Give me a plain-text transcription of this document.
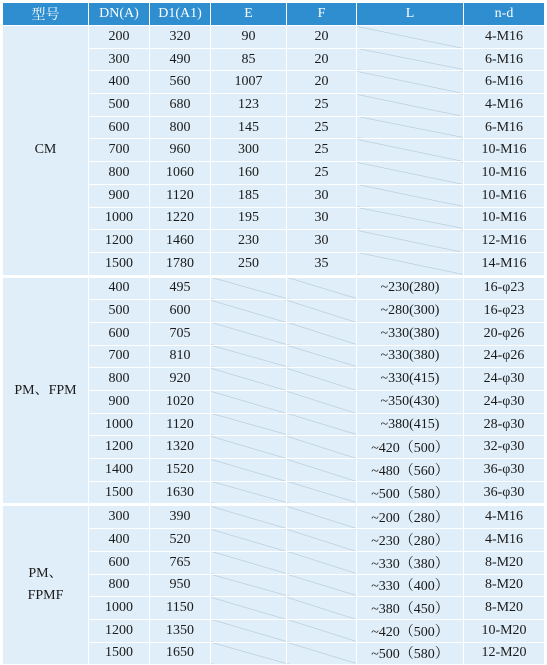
型号	DN(A)	D1(A1)	E	F	L	n-d
CM	200	320	90	20		4-M16
	300	490	85	20		6-M16
	400	560	1007	20		6-M16
	500	680	123	25		4-M16
	600	800	145	25		6-M16
	700	960	300	25		10-M16
	800	1060	160	25		10-M16
	900	1120	185	30		10-M16
	1000	1220	195	30		10-M16
	1200	1460	230	30		12-M16
	1500	1780	250	35		14-M16
PM、FPM	400	495			~230(280)	16-φ23
	500	600			~280(300)	16-φ23
	600	705			~330(380)	20-φ26
	700	810			~330(380)	24-φ26
	800	920			~330(415)	24-φ30
	900	1020			~350(430)	24-φ30
	1000	1120			~380(415)	28-φ30
	1200	1320			~420（500）	32-φ30
	1400	1520			~480（560）	36-φ30
	1500	1630			~500（580）	36-φ30
PM、
FPMF	300	390			~200（280）	4-M16
	400	520			~230（280）	4-M16
	600	765			~330（380）	8-M20
	800	950			~330（400）	8-M20
	1000	1150			~380（450）	8-M20
	1200	1350			~420（500）	10-M20
	1500	1650			~500（580）	12-M20
